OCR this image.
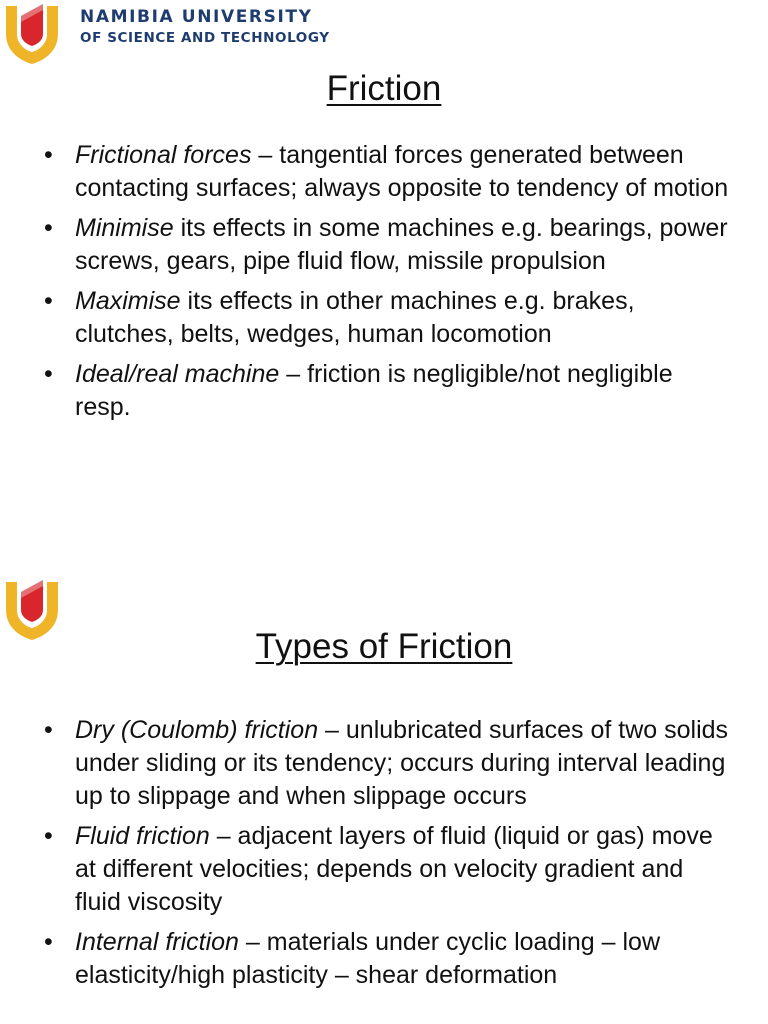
NAMIBIA UNIVERSITY
OF SCIENCE AND TECHNOLOGY
Friction
• Frictional forces – tangential forces generated between contacting surfaces; always opposite to tendency of motion
• Minimise its effects in some machines e.g. bearings, power screws, gears, pipe fluid flow, missile propulsion
• Maximise its effects in other machines e.g. brakes, clutches, belts, wedges, human locomotion
• Ideal/real machine – friction is negligible/not negligible resp.
Types of Friction
• Dry (Coulomb) friction – unlubricated surfaces of two solids under sliding or its tendency; occurs during interval leading up to slippage and when slippage occurs
• Fluid friction – adjacent layers of fluid (liquid or gas) move at different velocities; depends on velocity gradient and fluid viscosity
• Internal friction – materials under cyclic loading – low elasticity/high plasticity – shear deformation
